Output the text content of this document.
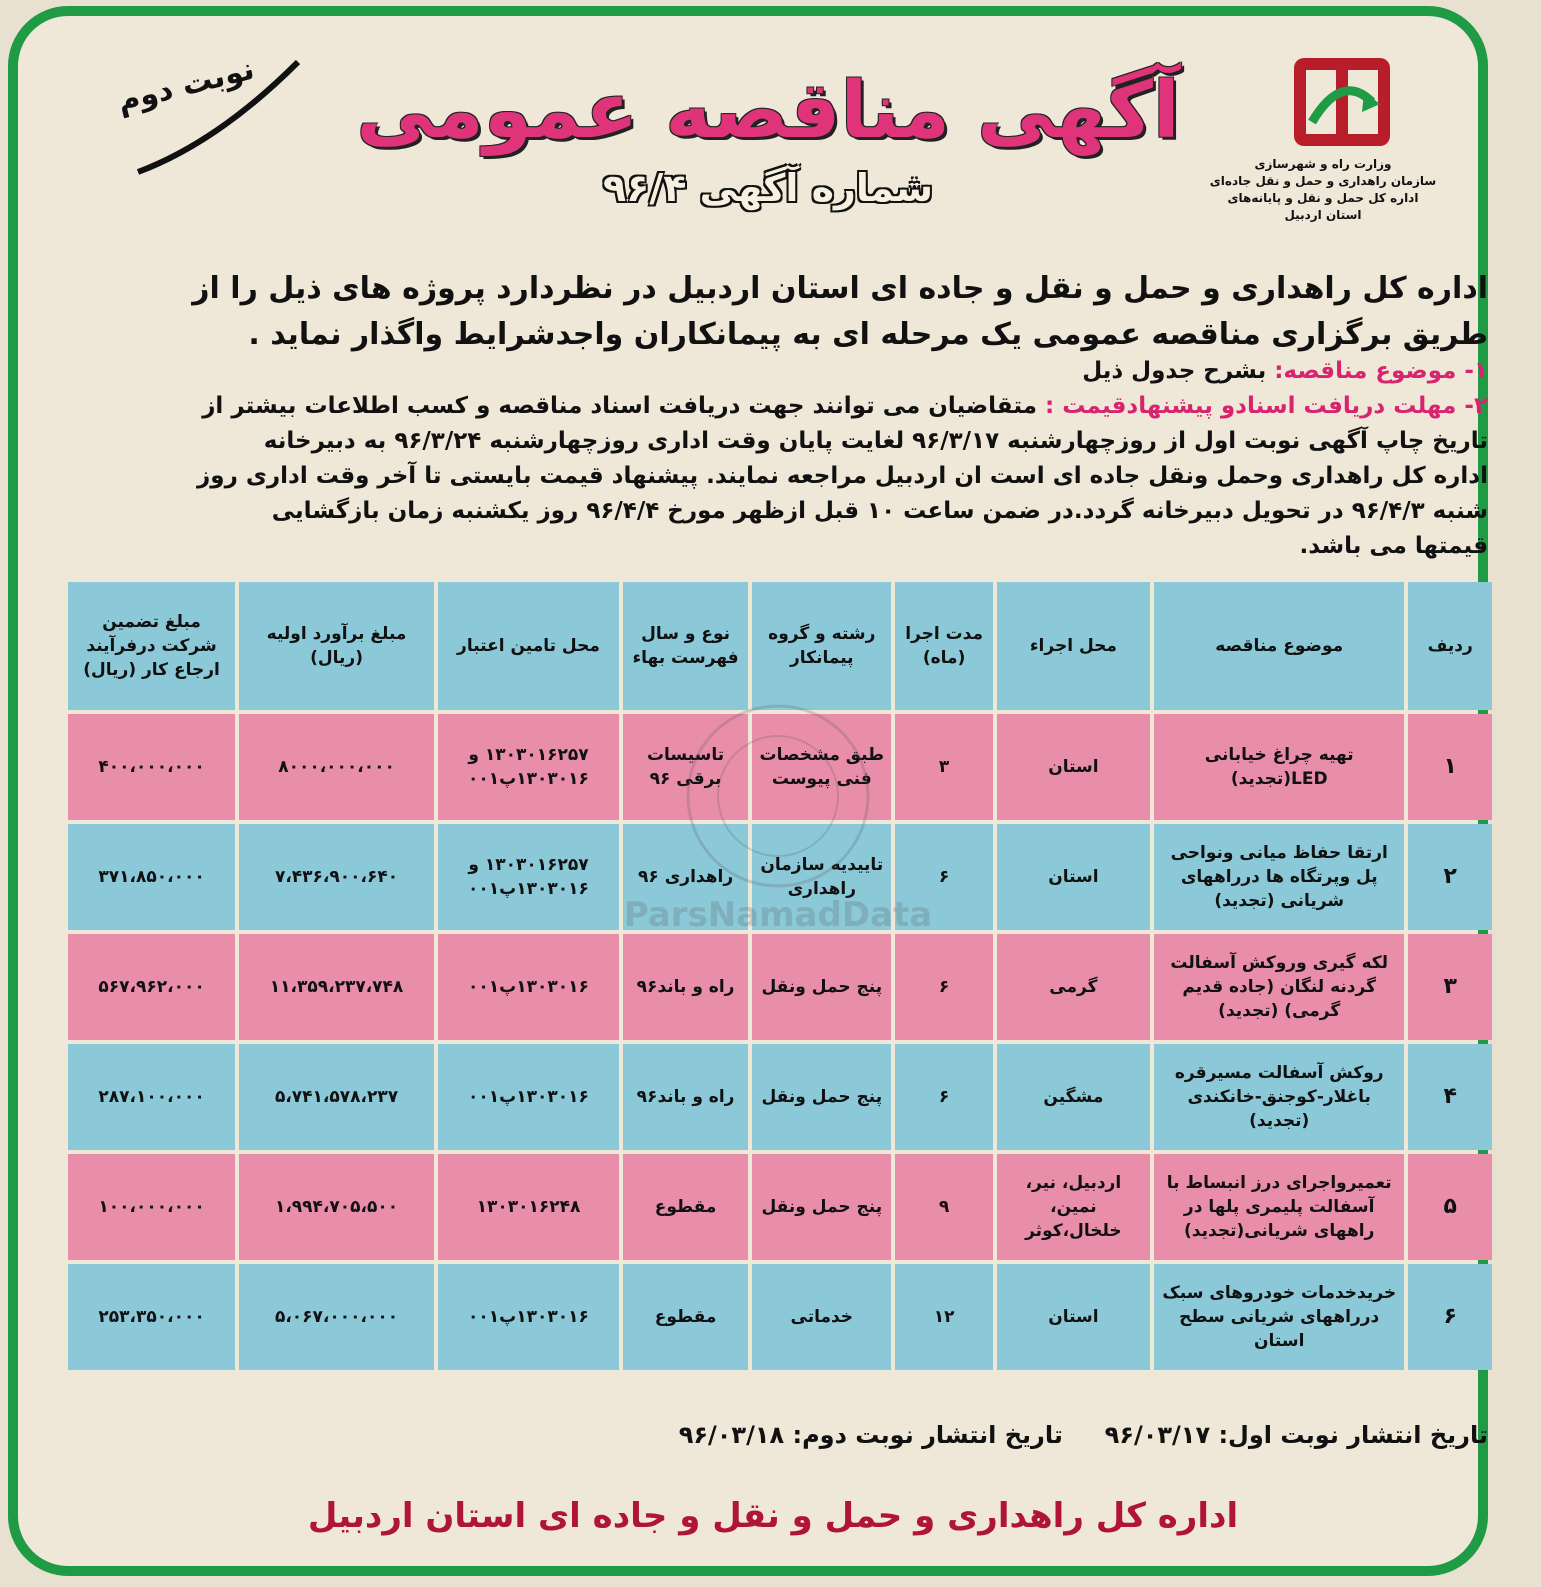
وزارت راه و شهرسازی
سازمان راهداری و حمل و نقل جاده‌ای
اداره کل حمل و نقل و پایانه‌های
استان اردبیل
آگهی مناقصه عمومی
شماره آگهی ۹۶/۴
نوبت دوم
اداره کل راهداری و حمل و نقل و جاده ای استان اردبیل در نظردارد پروژه های ذیل را از
طریق برگزاری مناقصه عمومی یک مرحله ای به پیمانکاران واجدشرایط واگذار نماید .
۱- موضوع مناقصه: بشرح جدول ذیل
۲- مهلت دریافت اسنادو پیشنهادقیمت : متقاضیان می توانند جهت دریافت اسناد مناقصه و کسب اطلاعات بیشتر از
تاریخ چاپ آگهی نوبت اول از روزچهارشنبه ۹۶/۳/۱۷ لغایت پایان وقت اداری روزچهارشنبه ۹۶/۳/۲۴ به دبیرخانه
اداره کل راهداری وحمل ونقل جاده ای است ان اردبیل مراجعه نمایند. پیشنهاد قیمت بایستی تا آخر وقت اداری روز
شنبه ۹۶/۴/۳ در تحویل دبیرخانه گردد.در ضمن ساعت ۱۰ قبل ازظهر مورخ ۹۶/۴/۴ روز یکشنبه زمان بازگشایی
قیمتها می باشد.
ردیف	موضوع مناقصه	محل اجراء	مدت اجرا (ماه)	رشته و گروه پیمانکار	نوع و سال فهرست بهاء	محل تامین اعتبار	مبلغ برآورد اولیه (ریال)	مبلغ تضمین شرکت درفرآیند ارجاع کار (ریال)
۱	تهیه چراغ خیابانی LED(تجدید)	استان	۳	طبق مشخصات فنی پیوست	تاسیسات برقی ۹۶	۱۳۰۳۰۱۶۲۵۷ و ۱۳۰۳۰۱۶پ۰۰۱	۸۰۰۰،۰۰۰،۰۰۰	۴۰۰،۰۰۰،۰۰۰
۲	ارتقا حفاظ میانی ونواحی پل وپرتگاه ها درراههای شریانی (تجدید)	استان	۶	تاییدیه سازمان راهداری	راهداری ۹۶	۱۳۰۳۰۱۶۲۵۷ و ۱۳۰۳۰۱۶پ۰۰۱	۷،۴۳۶،۹۰۰،۶۴۰	۳۷۱،۸۵۰،۰۰۰
۳	لکه گیری وروکش آسفالت گردنه لنگان (جاده قدیم گرمی) (تجدید)	گرمی	۶	پنج حمل ونقل	راه و باند۹۶	۱۳۰۳۰۱۶پ۰۰۱	۱۱،۳۵۹،۲۳۷،۷۴۸	۵۶۷،۹۶۲،۰۰۰
۴	روکش آسفالت مسیرقره باغلار-کوجنق-خانکندی (تجدید)	مشگین	۶	پنج حمل ونقل	راه و باند۹۶	۱۳۰۳۰۱۶پ۰۰۱	۵،۷۴۱،۵۷۸،۲۳۷	۲۸۷،۱۰۰،۰۰۰
۵	تعمیرواجرای درز انبساط با آسفالت پلیمری پلها در راههای شریانی(تجدید)	اردبیل، نیر، نمین، خلخال،کوثر	۹	پنج حمل ونقل	مقطوع	۱۳۰۳۰۱۶۲۴۸	۱،۹۹۴،۷۰۵،۵۰۰	۱۰۰،۰۰۰،۰۰۰
۶	خریدخدمات خودروهای سبک درراههای شریانی سطح استان	استان	۱۲	خدماتی	مقطوع	۱۳۰۳۰۱۶پ۰۰۱	۵،۰۶۷،۰۰۰،۰۰۰	۲۵۳،۳۵۰،۰۰۰
ParsNamadData
تاریخ انتشار نوبت اول: ۹۶/۰۳/۱۷     تاریخ انتشار نوبت دوم: ۹۶/۰۳/۱۸
اداره کل راهداری و حمل و نقل و جاده ای استان اردبیل
